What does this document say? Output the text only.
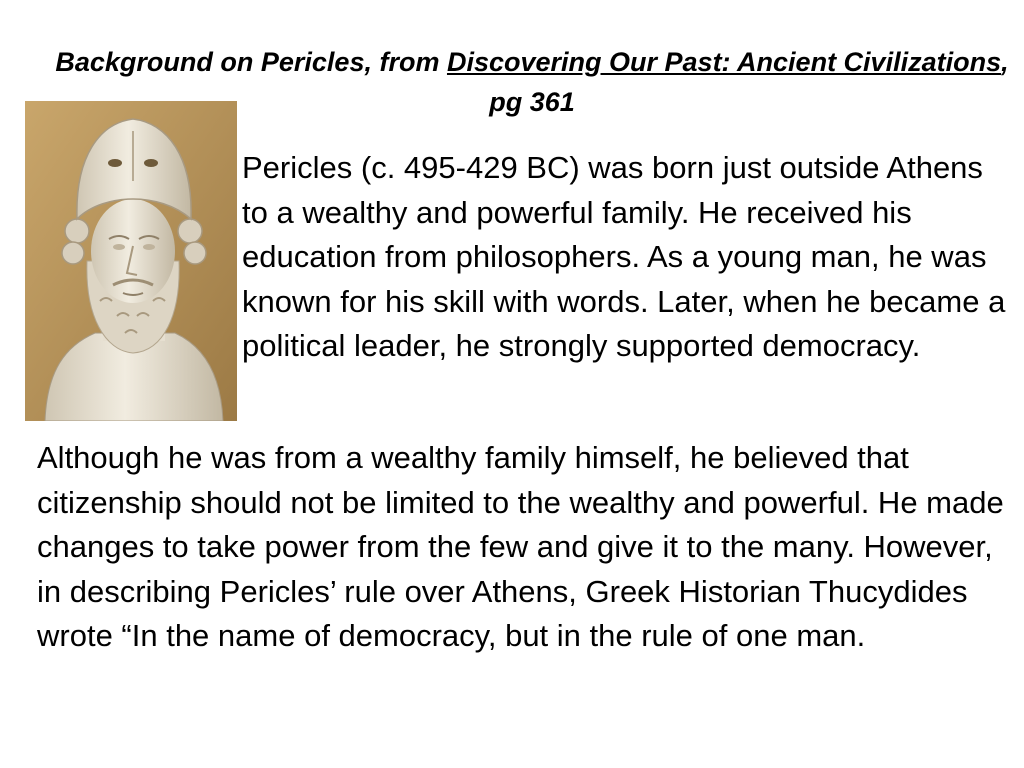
Background on Pericles, from Discovering Our Past: Ancient Civilizations, pg 361

Pericles (c. 495-429 BC) was born just outside Athens to a wealthy and powerful family. He received his education from philosophers. As a young man, he was known for his skill with words. Later, when he became a political leader, he strongly supported democracy.

Although he was from a wealthy family himself, he believed that citizenship should not be limited to the wealthy and powerful. He made changes to take power from the few and give it to the many. However, in describing Pericles’ rule over Athens, Greek Historian Thucydides wrote “In the name of democracy, but in the rule of one man.
